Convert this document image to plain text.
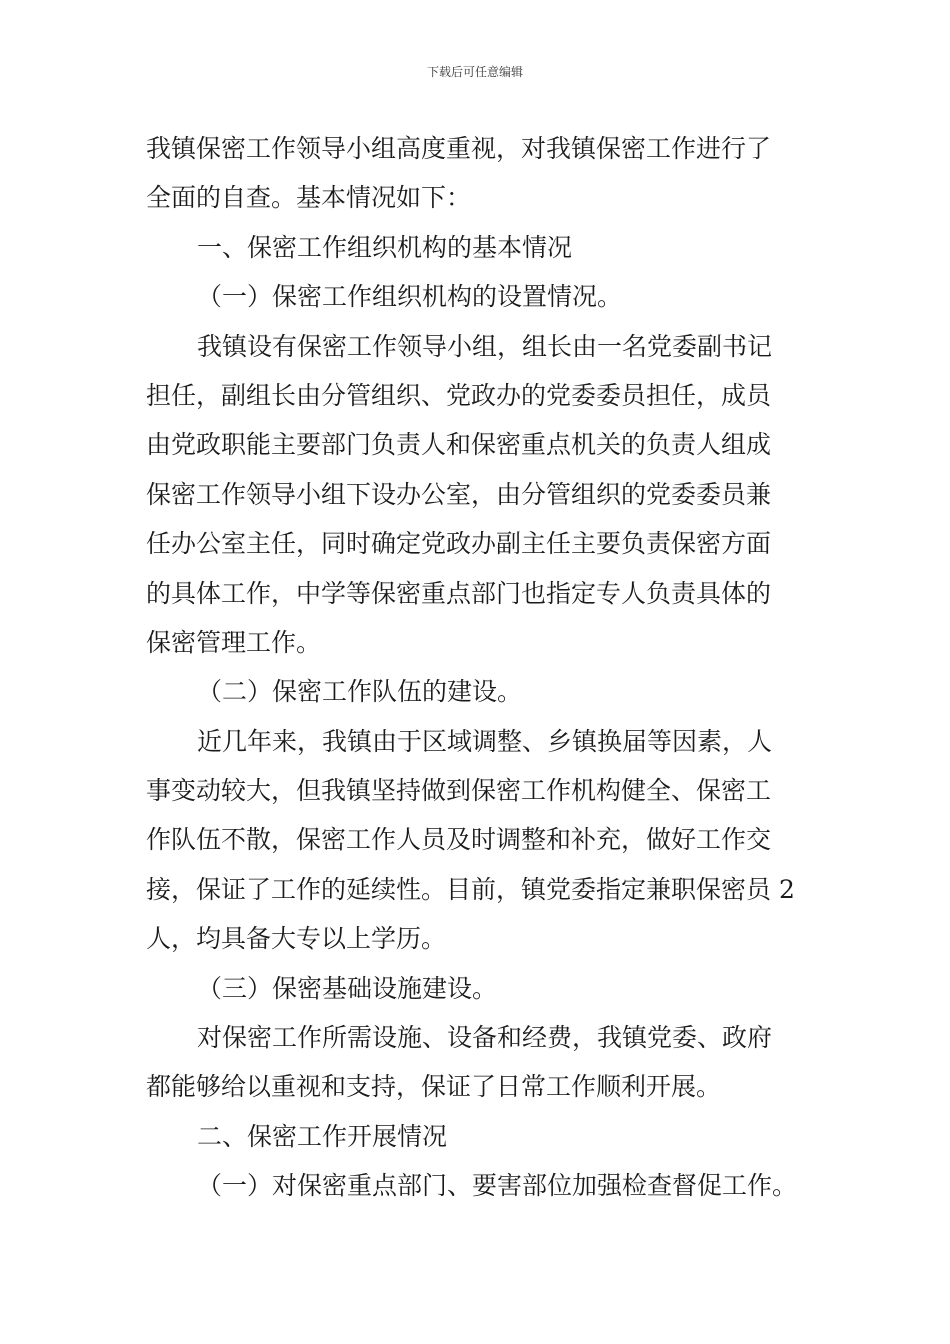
下载后可任意编辑
我镇保密工作领导小组高度重视，对我镇保密工作进行了
全面的自查。基本情况如下：
一、保密工作组织机构的基本情况
（一）保密工作组织机构的设置情况。
我镇设有保密工作领导小组，组长由一名党委副书记
担任，副组长由分管组织、党政办的党委委员担任，成员
由党政职能主要部门负责人和保密重点机关的负责人组成
保密工作领导小组下设办公室，由分管组织的党委委员兼
任办公室主任，同时确定党政办副主任主要负责保密方面
的具体工作，中学等保密重点部门也指定专人负责具体的
保密管理工作。
（二）保密工作队伍的建设。
近几年来，我镇由于区域调整、乡镇换届等因素，人
事变动较大，但我镇坚持做到保密工作机构健全、保密工
作队伍不散，保密工作人员及时调整和补充，做好工作交
接，保证了工作的延续性。目前，镇党委指定兼职保密员 2
人，均具备大专以上学历。
（三）保密基础设施建设。
对保密工作所需设施、设备和经费，我镇党委、政府
都能够给以重视和支持，保证了日常工作顺利开展。
二、保密工作开展情况
（一）对保密重点部门、要害部位加强检查督促工作。
